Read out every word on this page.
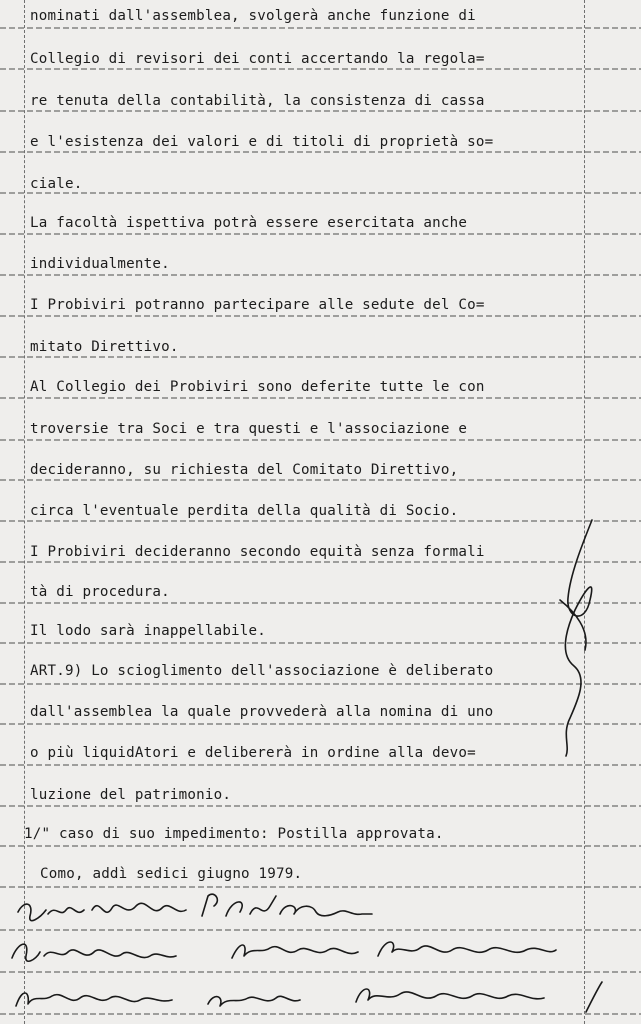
nominati dall'assemblea, svolgerà anche funzione di
Collegio di revisori dei conti accertando la regola=
re tenuta della contabilità, la consistenza di cassa
e l'esistenza dei valori e di titoli di proprietà so=
ciale.
La facoltà ispettiva potrà essere esercitata anche
individualmente.
I Probiviri potranno partecipare alle sedute del Co=
mitato Direttivo.
Al Collegio dei Probiviri sono deferite tutte le con
troversie tra Soci e tra questi e l'associazione e
decideranno, su richiesta del Comitato Direttivo,
circa l'eventuale perdita della qualità di Socio.
I Probiviri decideranno secondo equità senza formali
tà di procedura.
Il lodo sarà inappellabile.
ART.9) Lo scioglimento dell'associazione è deliberato
dall'assemblea la quale provvederà alla nomina di uno
o più liquidAtori e delibererà in ordine alla devo=
luzione del patrimonio.
1/" caso di suo impedimento: Postilla approvata.
Como, addì sedici giugno 1979.
